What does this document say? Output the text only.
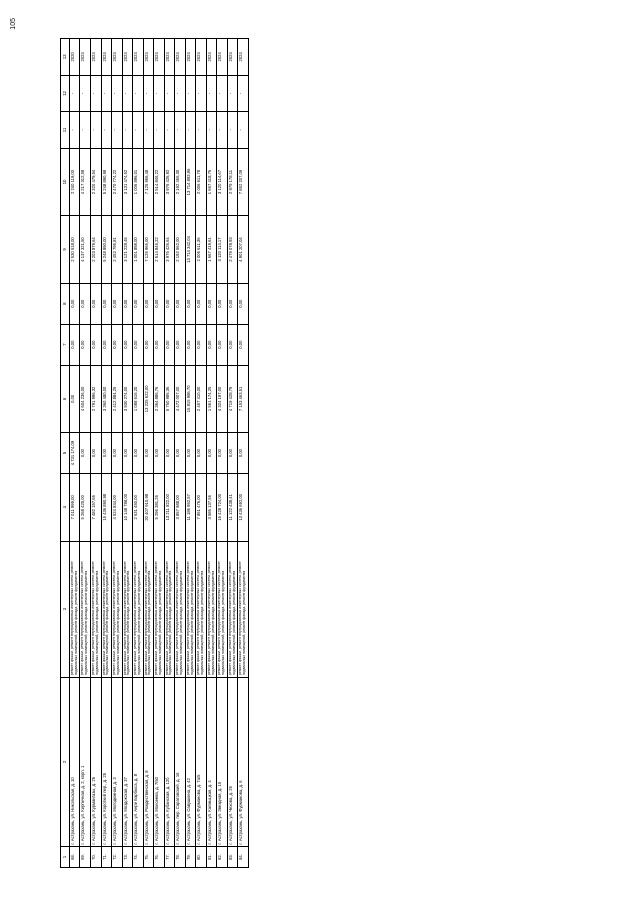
105
1	2	3	4	5	6	7	8	9	10	11	12	13
68.	г. Астрахань, ул. Никольская, д. 10	ремонт крыши, ремонт внутридомовых инженерных систем, ремонт подвальных помещений, ремонт фасада, ремонт фундамента	7 011 999,00	4 731 174,09	0,00	0,00	0,00	2 530 518,00	2 240 119,00	-	-	2020
69.	г. Астрахань, ул. Кирпичная, д. 2, корп. 1	ремонт крыши, ремонт внутридомовых инженерных систем, ремонт подвальных помещений, ремонт фасада, ремонт фундамента	5 268 425,00	0,00	4 604 236,00	0,00	0,00	4 137 321,50	4 217 312,58	-	-	2024
70.	г. Астрахань, ул. Курмангазы, д. 26	ремонт крыши, ремонт внутридомовых инженерных систем, ремонт подвальных помещений, ремонт фасада, ремонт фундамента	7 482 157,66	0,00	2 791 996,32	0,00	0,00	2 203 879,64	2 320 479,54	-	-	2024
71.	г. Астрахань, ул. Короткий пер., д. 25	ремонт крыши, ремонт внутридомовых инженерных систем, ремонт подвальных помещений, ремонт фасада, ремонт фундамента	15 436 890,98	0,00	3 360 480,00	0,00	0,00	5 248 890,00	5 248 890,98	-	-	2024
72.	г. Астрахань, ул. Молодежная, д. 3	ремонт крыши, ремонт внутридомовых инженерных систем, ремонт подвальных помещений, ремонт фасада, ремонт фундамента	4 524 844,00	0,00	2 412 884,25	0,00	0,00	2 452 795,81	2 470 774,22	-	-	2024
73.	г. Астрахань, ул. Моздокская, д. 37	ремонт крыши, ремонт внутридомовых инженерных систем, ремонт подвальных помещений, ремонт фасада, ремонт фундамента	10 148 788,00	0,00	3 930 274,00	0,00	0,00	3 121 228,45	3 131 474,52	-	-	2024
74.	г. Астрахань, ул. Анри Барбюса, д. 8	ремонт крыши, ремонт внутридомовых инженерных систем, ремонт подвальных помещений, ремонт фасада, ремонт фундамента	2 631 450,00	0,00	1 088 616,20	0,00	0,00	1 001 898,00	1 006 896,01	-	-	2024
75.	г. Астрахань, ул. Рождественская, д. 8	ремонт крыши, ремонт внутридомовых инженерных систем, ремонт подвальных помещений, ремонт фасада, ремонт фундамента	20 407 910,98	0,00	13 225 622,00	0,00	0,00	7 125 966,00	7 125 966,48	-	-	2024
76.	г. Астрахань, ул. Моисеева, д. 7/50	ремонт крыши, ремонт внутридомовых инженерных систем, ремонт подвальных помещений, ремонт фасада, ремонт фундамента	5 296 381,26	0,00	2 364 886,76	0,00	0,00	2 514 846,22	2 514 846,22	-	-	2024
77.	г. Астрахань, ул. Кубанская, д. 12б	ремонт крыши, ремонт внутридомовых инженерных систем, ремонт подвальных помещений, ремонт фасада, ремонт фундамента	13 211 822,00	0,00	5 750 986,36	0,00	0,00	3 976 426,64	3 976 426,92	-	-	2024
78.	г. Астрахань, пер. Саратовский, д. 16	ремонт крыши, ремонт внутридомовых инженерных систем, ремонт подвальных помещений, ремонт фасада, ремонт фундамента	3 857 988,00	0,00	4 472 007,00	0,00	0,00	2 192 562,00	2 192 465,30	-	-	2024
79.	г. Астрахань, ул. Савушкина, д. 42	ремонт крыши, ремонт внутридомовых инженерных систем, ремонт подвальных помещений, ремонт фасада, ремонт фундамента	11 186 952,57	0,00	15 815 986,70	0,00	0,00	13 714 342,04	13 714 893,96	-	-	2024
80.	г. Астрахань, ул. Фурманова, д. 7а/5	ремонт крыши, ремонт внутридомовых инженерных систем, ремонт подвальных помещений, ремонт фасада, ремонт фундамента	7 861 476,00	0,00	2 457 410,00	0,00	0,00	2 006 611,36	2 006 611,78	-	-	2024
81.	г. Астрахань, ул. Калмыцкая, д. 4	ремонт крыши, ремонт внутридомовых инженерных систем, ремонт подвальных помещений, ремонт фасада, ремонт фундамента	3 586 137,56	0,00	1 561 174,25	0,00	0,00	1 667 419,61	1 667 418,76	-	-	2024
82.	г. Астрахань, ул. Звездная, д. 15	ремонт крыши, ремонт внутридомовых инженерных систем, ремонт подвальных помещений, ремонт фасада, ремонт фундамента	16 428 724,00	0,00	4 324 197,00	0,00	0,00	3 120 114,17	3 120 114,67	-	-	2024
83.	г. Астрахань, ул. Чехова, д. 26	ремонт крыши, ремонт внутридомовых инженерных систем, ремонт подвальных помещений, ремонт фасада, ремонт фундамента	11 122 438,41	0,00	4 719 428,79	0,00	0,00	2 479 078,93	2 979 178,11	-	-	2024
84.	г. Астрахань, ул. Фурманова, д. 6	ремонт крыши, ремонт внутридомовых инженерных систем, ремонт подвальных помещений, ремонт фасада, ремонт фундамента	13 436 692,00	0,00	7 153 463,51	0,00	0,00	4 901 207,04	7 852 207,09	-	-	2024
